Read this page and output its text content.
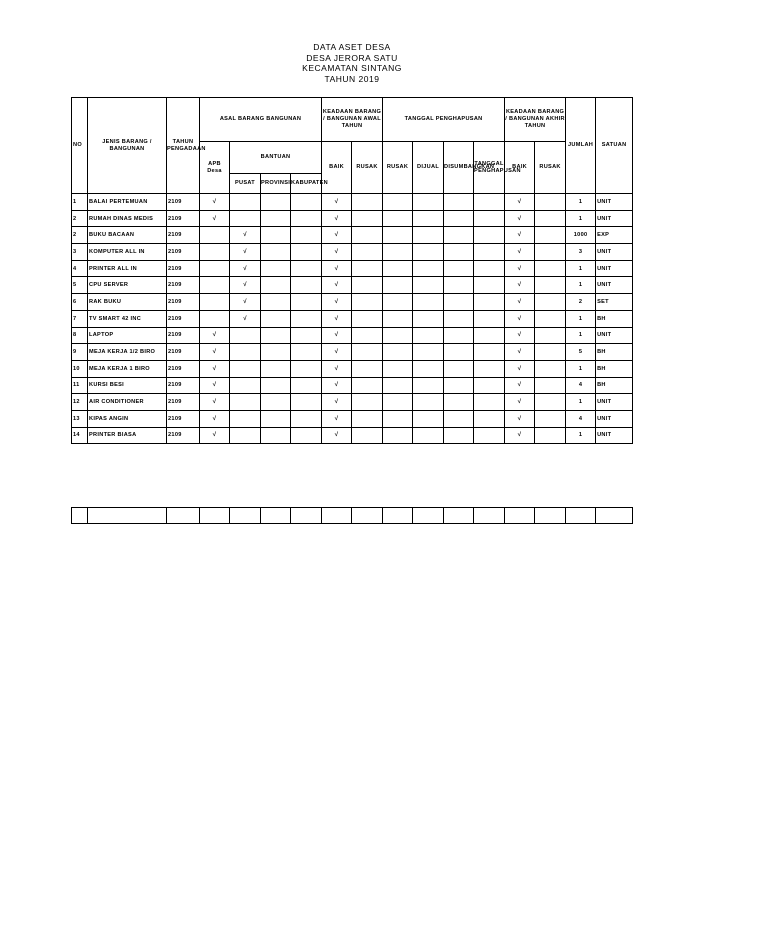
DATA ASET DESA
DESA JERORA SATU
KECAMATAN SINTANG
TAHUN 2019
NO	JENIS BARANG / BANGUNAN	TAHUN PENGADAAN	ASAL BARANG BANGUNAN				KEADAAN BARANG / BANGUNAN AWAL TAHUN		TANGGAL PENGHAPUSAN				KEADAAN BARANG / BANGUNAN AKHIR TAHUN		JUMLAH	SATUAN
			APB Desa	BANTUAN			BAIK	RUSAK	RUSAK	DIJUAL	DISUMBANGKAN	TANGGAL PENGHAPUSAN	BAIK	RUSAK		
				PUSAT	PROVINSI	KABUPATEN										
1	BALAI PERTEMUAN	2109	√				√						√		1	UNIT
2	RUMAH DINAS MEDIS	2109	√				√						√		1	UNIT
2	BUKU BACAAN	2109		√			√						√		1000	EXP
3	KOMPUTER ALL IN	2109		√			√						√		3	UNIT
4	PRINTER ALL IN	2109		√			√						√		1	UNIT
5	CPU SERVER	2109		√			√						√		1	UNIT
6	RAK BUKU	2109		√			√						√		2	SET
7	TV SMART 42 INC	2109		√			√						√		1	BH
8	LAPTOP	2109	√				√						√		1	UNIT
9	MEJA KERJA 1/2 BIRO	2109	√				√						√		5	BH
10	MEJA KERJA 1 BIRO	2109	√				√						√		1	BH
11	KURSI BESI	2109	√				√						√		4	BH
12	AIR CONDITIONER	2109	√				√						√		1	UNIT
13	KIPAS ANGIN	2109	√				√						√		4	UNIT
14	PRINTER BIASA	2109	√				√						√		1	UNIT
